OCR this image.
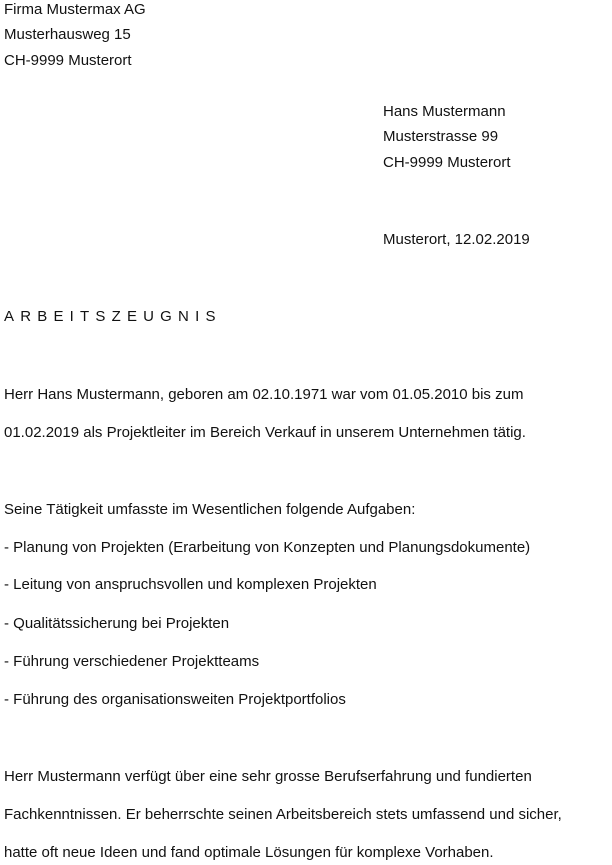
Firma Mustermax AG
Musterhausweg 15
CH-9999 Musterort
Hans Mustermann
Musterstrasse 99
CH-9999 Musterort
Musterort, 12.02.2019
ARBEITSZEUGNIS
Herr Hans Mustermann, geboren am 02.10.1971 war vom 01.05.2010 bis zum
01.02.2019 als Projektleiter im Bereich Verkauf in unserem Unternehmen tätig.
Seine Tätigkeit umfasste im Wesentlichen folgende Aufgaben:
- Planung von Projekten (Erarbeitung von Konzepten und Planungsdokumente)
- Leitung von anspruchsvollen und komplexen Projekten
- Qualitätssicherung bei Projekten
- Führung verschiedener Projektteams
- Führung des organisationsweiten Projektportfolios
Herr Mustermann verfügt über eine sehr grosse Berufserfahrung und fundierten
Fachkenntnissen. Er beherrschte seinen Arbeitsbereich stets umfassend und sicher,
hatte oft neue Ideen und fand optimale Lösungen für komplexe Vorhaben.
